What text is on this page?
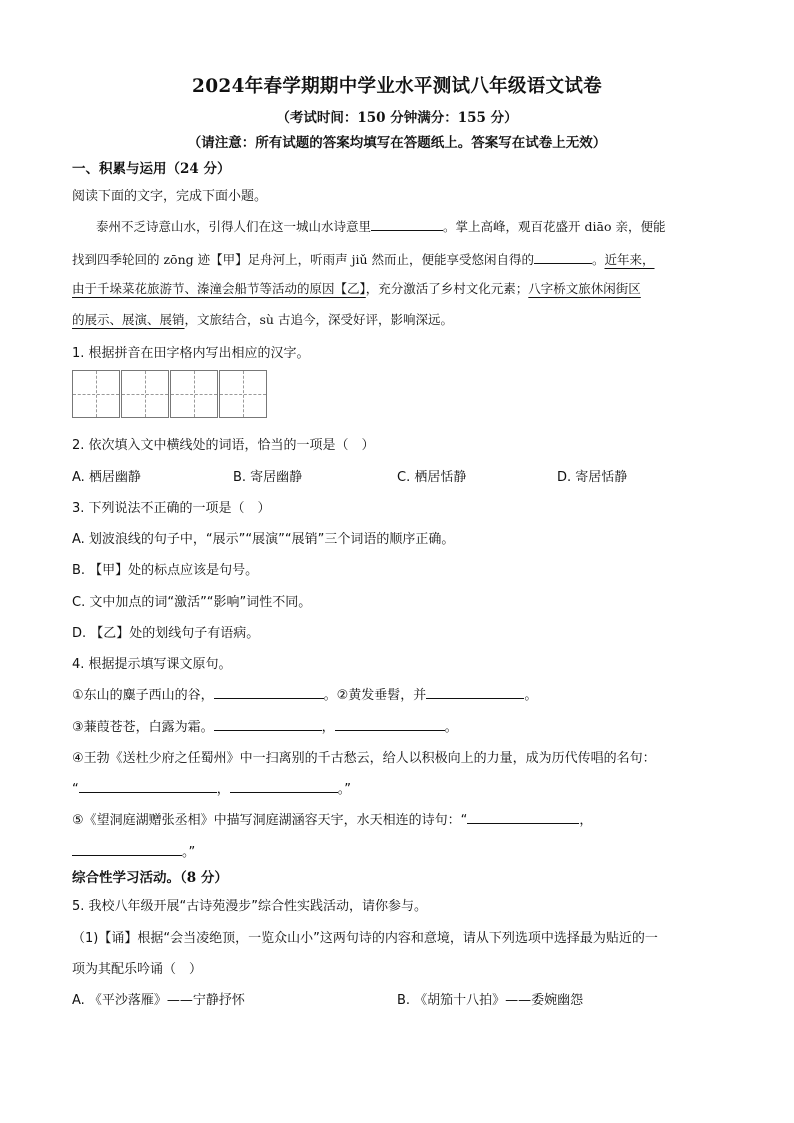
2024年春学期期中学业水平测试八年级语文试卷
（考试时间：150 分钟满分：155 分）
（请注意：所有试题的答案均填写在答题纸上。答案写在试卷上无效）
一、积累与运用（24 分）
阅读下面的文字，完成下面小题。
泰州不乏诗意山水，引得人们在这一城山水诗意里	。掌上高峰，观百花盛开 diāo 亲，便能
找到四季轮回的 zōng 迹【甲】足舟河上，听雨声 jiǔ 然而止，便能享受悠闲自得的	。近年来，
由于千垛菜花旅游节、溱潼会船节等活动的原因【乙】，充分激活了乡村文化元素；八字桥文旅休闲街区
的展示、展演、展销，文旅结合，sù 古追今，深受好评，影响深远。
1. 根据拼音在田字格内写出相应的汉字。
2. 依次填入文中横线处的词语，恰当的一项是（　）
A. 栖居幽静	B. 寄居幽静	C. 栖居恬静	D. 寄居恬静
3. 下列说法不正确的一项是（　）
A. 划波浪线的句子中，“展示”“展演”“展销”三个词语的顺序正确。
B. 【甲】处的标点应该是句号。
C. 文中加点的词“激活”“影响”词性不同。
D. 【乙】处的划线句子有语病。
4. 根据提示填写课文原句。
①东山的麋子西山的谷，	。②黄发垂髫，并	。
③蒹葭苍苍，白露为霜。	，	。
④王勃《送杜少府之任蜀州》中一扫离别的千古愁云，给人以积极向上的力量，成为历代传唱的名句：
“	，	。”
⑤《望洞庭湖赠张丞相》中描写洞庭湖涵容天宇，水天相连的诗句：“	，
。”
综合性学习活动。（8 分）
5. 我校八年级开展“古诗苑漫步”综合性实践活动，请你参与。
（1)【诵】根据“会当凌绝顶，一览众山小”这两句诗的内容和意境，请从下列选项中选择最为贴近的一
项为其配乐吟诵（　）
A. 《平沙落雁》——宁静抒怀	B. 《胡笳十八拍》——委婉幽怨
